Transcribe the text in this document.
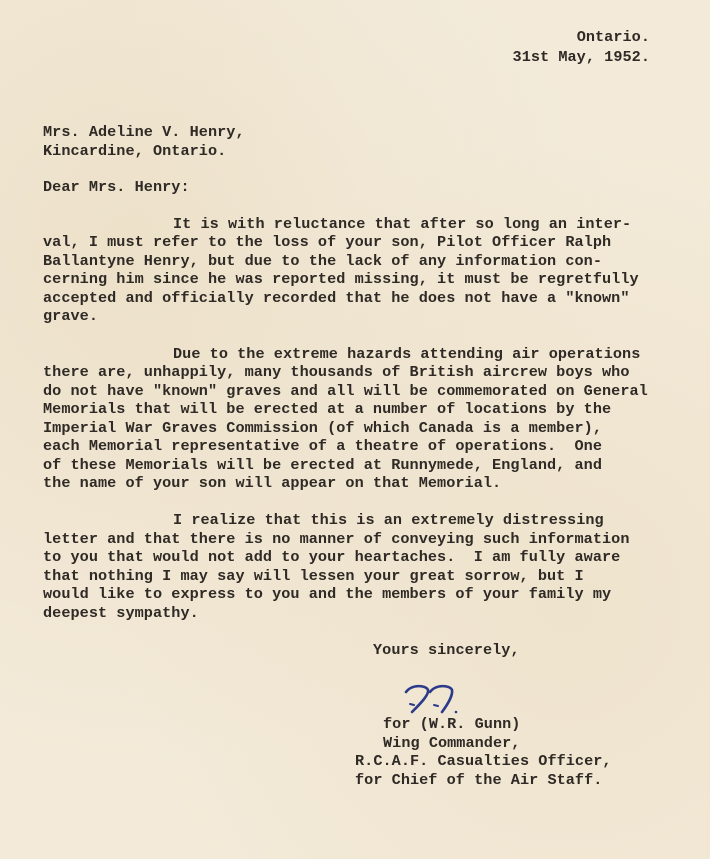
Ontario.
31st May, 1952.
Mrs. Adeline V. Henry,
Kincardine, Ontario.
Dear Mrs. Henry:
It is with reluctance that after so long an inter-
val, I must refer to the loss of your son, Pilot Officer Ralph
Ballantyne Henry, but due to the lack of any information con-
cerning him since he was reported missing, it must be regretfully
accepted and officially recorded that he does not have a "known"
grave.
Due to the extreme hazards attending air operations
there are, unhappily, many thousands of British aircrew boys who
do not have "known" graves and all will be commemorated on General
Memorials that will be erected at a number of locations by the
Imperial War Graves Commission (of which Canada is a member),
each Memorial representative of a theatre of operations.  One
of these Memorials will be erected at Runnymede, England, and
the name of your son will appear on that Memorial.
I realize that this is an extremely distressing
letter and that there is no manner of conveying such information
to you that would not add to your heartaches.  I am fully aware
that nothing I may say will lessen your great sorrow, but I
would like to express to you and the members of your family my
deepest sympathy.
Yours sincerely,
for (W.R. Gunn)
Wing Commander,
R.C.A.F. Casualties Officer,
for Chief of the Air Staff.
